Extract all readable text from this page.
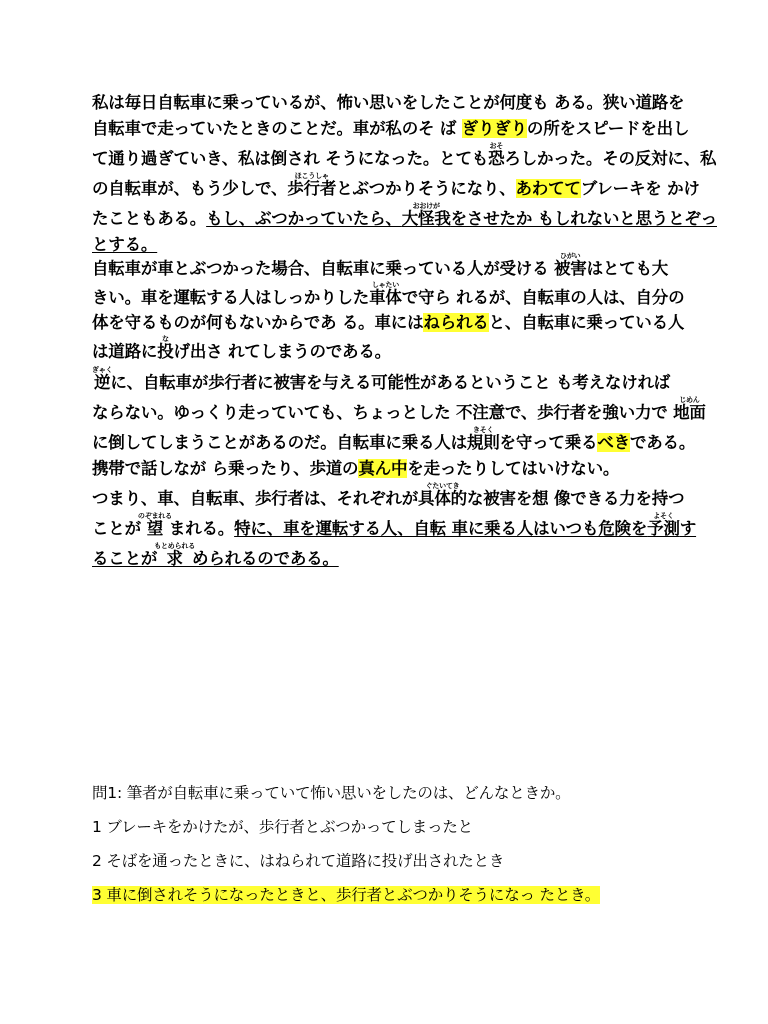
私は毎日自転車に乗っているが、怖い思いをしたことが何度も ある。狭い道路を
自転車で走っていたときのことだ。車が私のそ ば ぎりぎりの所をスピードを出し
て通り過ぎていき、私は倒され そうになった。とても恐おそろしかった。その反対に、私
の自転車が、もう少しで、歩行者ほこうしゃとぶつかりそうになり、あわててブレーキを かけ
たこともある。もし、ぶつかっていたら、大怪我おおけがをさせたか もしれないと思うとぞっ
とする。
自転車が車とぶつかった場合、自転車に乗っている人が受ける 被害ひがいはとても大
きい。車を運転する人はしっかりした車体しゃたいで守ら れるが、自転車の人は、自分の
体を守るものが何もないからであ る。車にはねられると、自転車に乗っている人
は道路に投なげ出さ れてしまうのである。
逆ぎゃくに、自転車が歩行者に被害を与える可能性があるということ も考えなければ
ならない。ゆっくり走っていても、ちょっとした 不注意で、歩行者を強い力で 地面じめん
に倒してしまうことがあるのだ。自転車に乗る人は規則きそくを守って乗るべきである。
携帯で話しなが ら乗ったり、歩道の真ん中を走ったりしてはいけない。
つまり、車、自転車、歩行者は、それぞれが具体的ぐたいてきな被害を想 像できる力を持つ
ことが望のぞまれるまれる。特に、車を運転する人、自転 車に乗る人はいつも危険を予測よそくす
ることが求もとめられるめられるのである。
問1: 筆者が自転車に乗っていて怖い思いをしたのは、どんなときか。
1 ブレーキをかけたが、歩行者とぶつかってしまったと
2 そばを通ったときに、はねられて道路に投げ出されたとき
3 車に倒されそうになったときと、歩行者とぶつかりそうになっ たとき。
